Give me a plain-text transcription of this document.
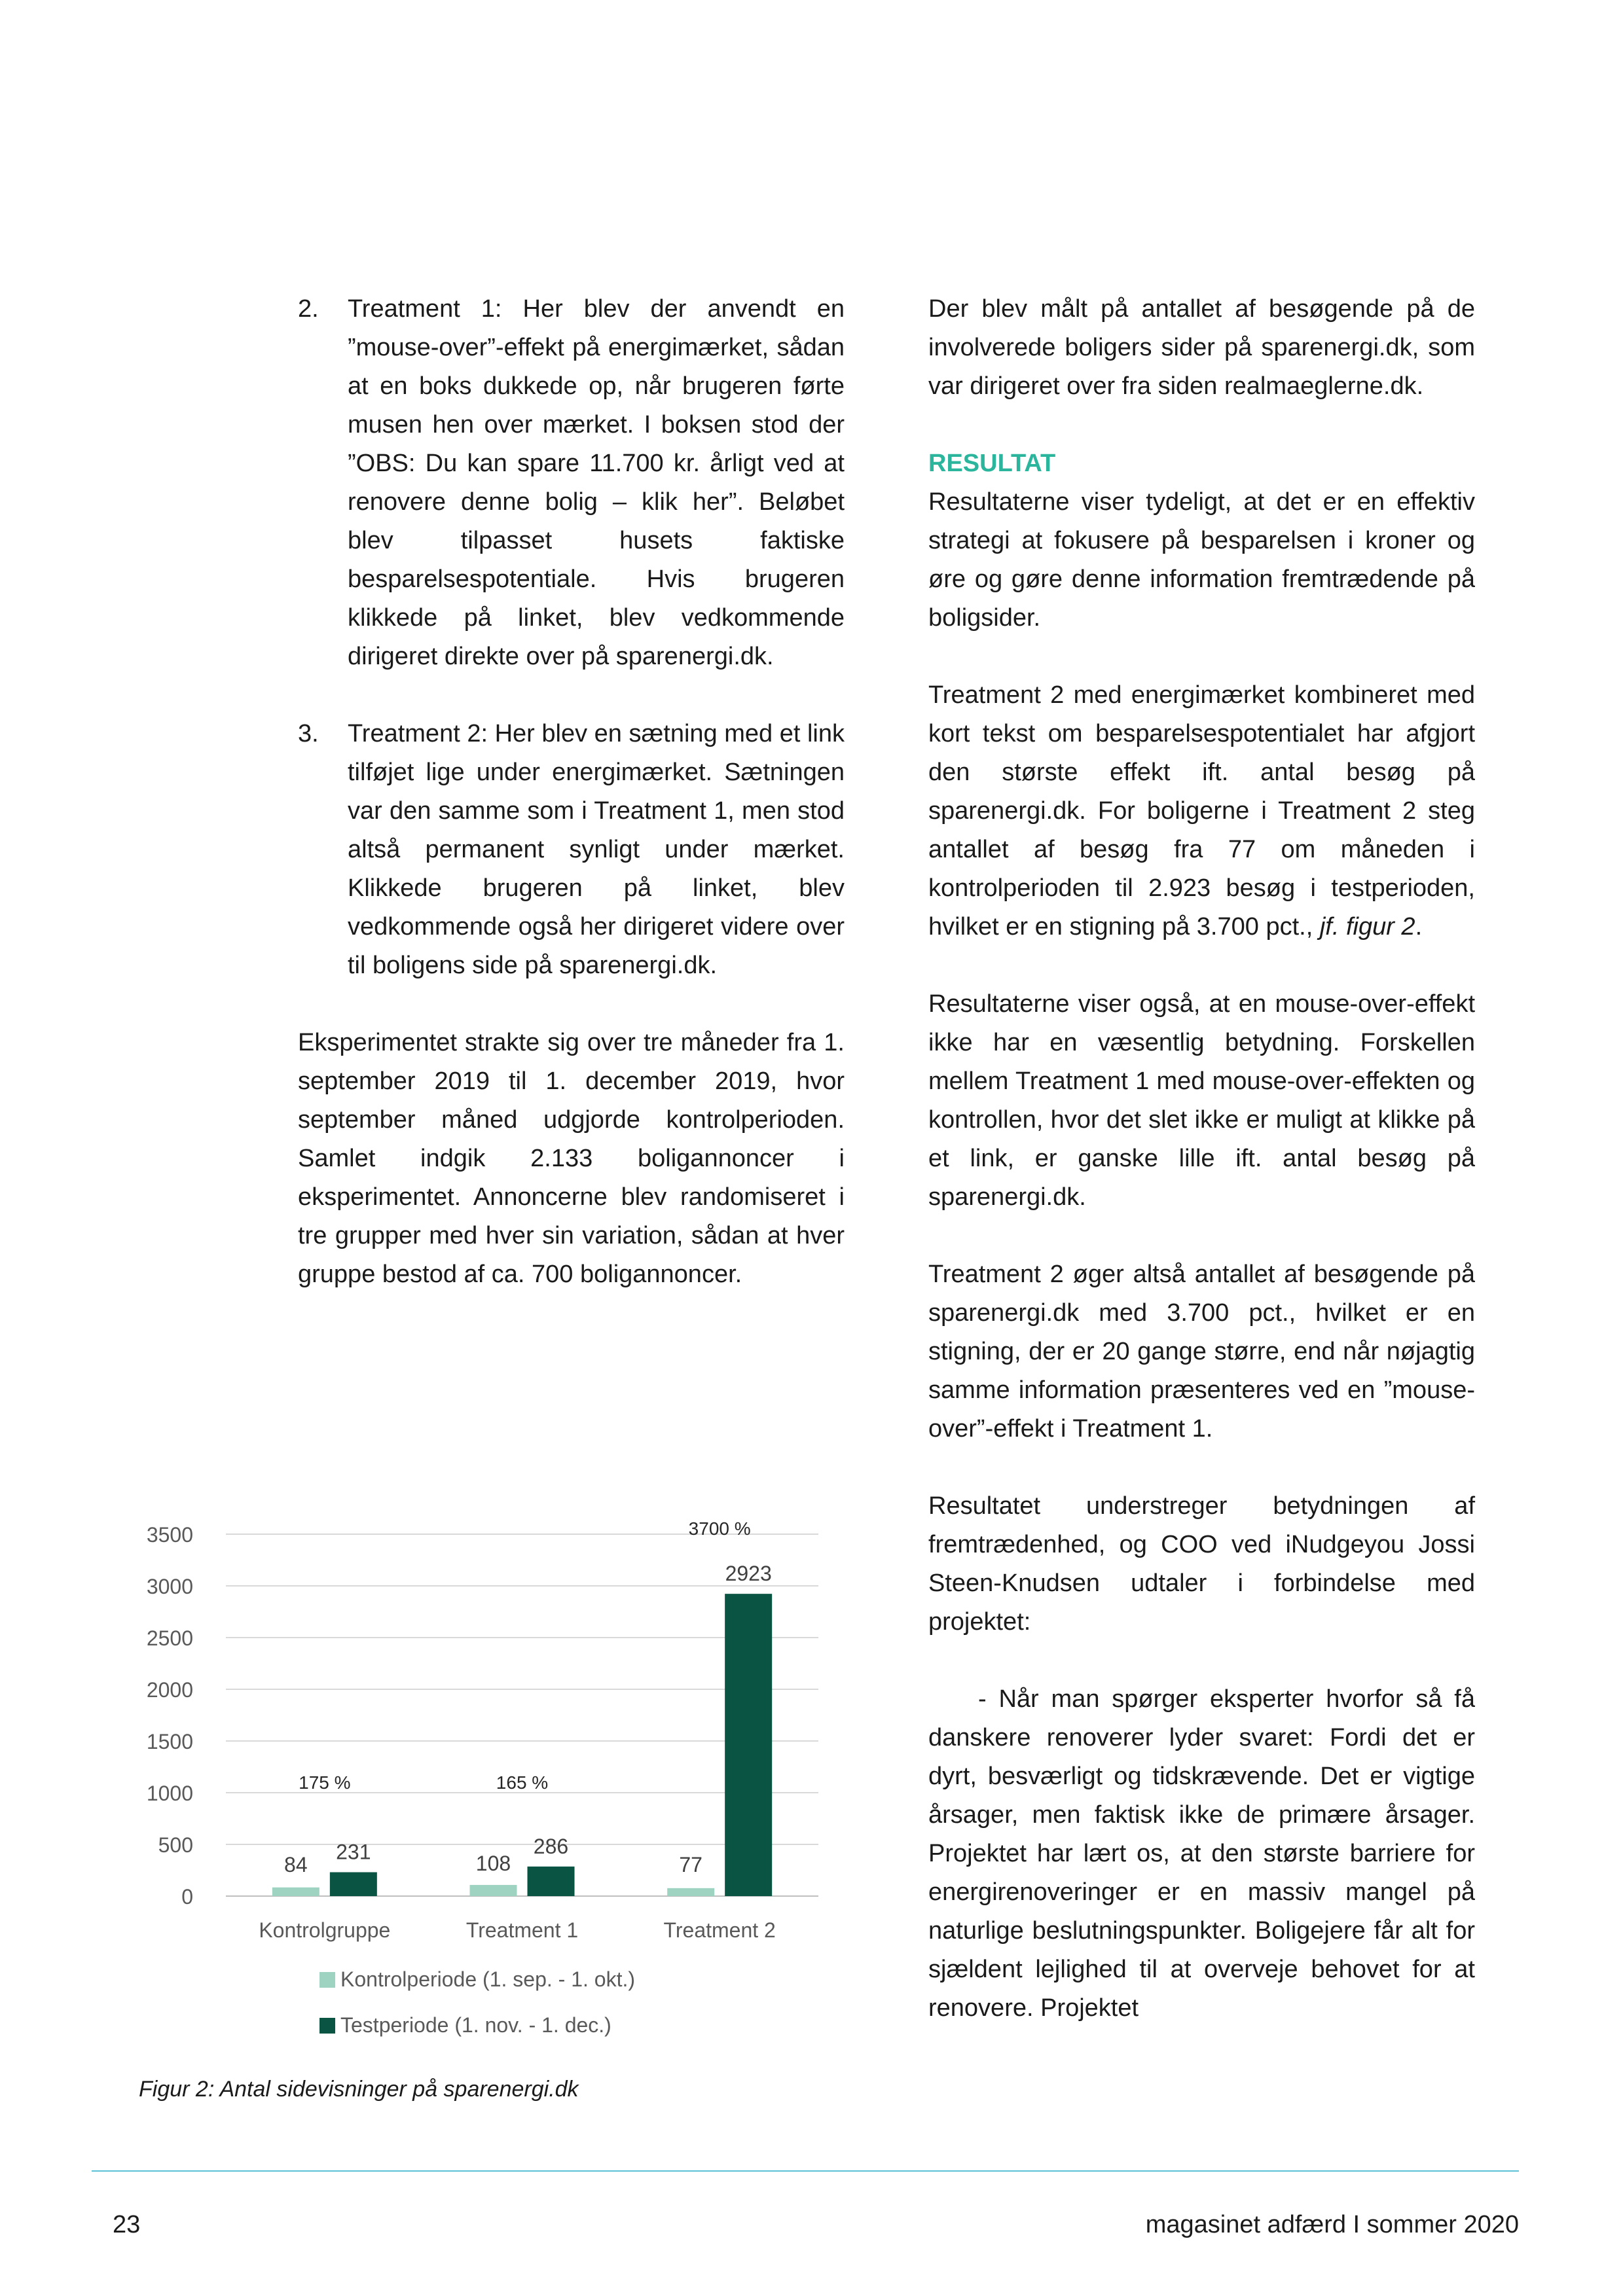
2. Treatment 1: Her blev der anvendt en ”mouse-over”-effekt på energimærket, sådan at en boks dukkede op, når brugeren førte musen hen over mærket. I boksen stod der ”OBS: Du kan spare 11.700 kr. årligt ved at renovere denne bolig – klik her”. Beløbet blev tilpasset husets faktiske besparelsespotentiale. Hvis brugeren klikkede på linket, blev vedkommende dirigeret direkte over på sparenergi.dk.
3. Treatment 2: Her blev en sætning med et link tilføjet lige under energimærket. Sætningen var den samme som i Treatment 1, men stod altså permanent synligt under mærket. Klikkede brugeren på linket, blev vedkommende også her dirigeret videre over til boligens side på sparenergi.dk.

Eksperimentet strakte sig over tre måneder fra 1. september 2019 til 1. december 2019, hvor september måned udgjorde kontrolperioden. Samlet indgik 2.133 boligannoncer i eksperimentet. Annoncerne blev randomiseret i tre grupper med hver sin variation, sådan at hver gruppe bestod af ca. 700 boligannoncer.

Der blev målt på antallet af besøgende på de involverede boligers sider på sparenergi.dk, som var dirigeret over fra siden realmaeglerne.dk.

RESULTAT

Resultaterne viser tydeligt, at det er en effektiv strategi at fokusere på besparelsen i kroner og øre og gøre denne information fremtrædende på boligsider.

Treatment 2 med energimærket kombineret med kort tekst om besparelsespotentialet har afgjort den største effekt ift. antal besøg på sparenergi.dk. For boligerne i Treatment 2 steg antallet af besøg fra 77 om måneden i kontrolperioden til 2.923 besøg i testperioden, hvilket er en stigning på 3.700 pct., jf. figur 2.

Resultaterne viser også, at en mouse-over-effekt ikke har en væsentlig betydning. Forskellen mellem Treatment 1 med mouse-over-effekten og kontrollen, hvor det slet ikke er muligt at klikke på et link, er ganske lille ift. antal besøg på sparenergi.dk.

Treatment 2 øger altså antallet af besøgende på sparenergi.dk med 3.700 pct., hvilket er en stigning, der er 20 gange større, end når nøjagtig samme information præsenteres ved en ”mouse-over”-effekt i Treatment 1.

Resultatet understreger betydningen af fremtrædenhed, og COO ved iNudgeyou Jossi Steen-Knudsen udtaler i forbindelse med projektet:

- Når man spørger eksperter hvorfor så få danskere renoverer lyder svaret: Fordi det er dyrt, besværligt og tidskrævende. Det er vigtige årsager, men faktisk ikke de primære årsager. Projektet har lært os, at den største barriere for energirenoveringer er en massiv mangel på naturlige beslutningspunkter. Boligejere får alt for sjældent lejlighed til at overveje behovet for at renovere. Projektet

0
500
1000
1500
2000
2500
3000
3500
Kontrolgruppe
84
231
175 %
Treatment 1
108
286
165 %
Treatment 2
77
2923
3700 %
Kontrolperiode (1. sep. - 1. okt.)
Testperiode (1. nov. - 1. dec.)

Figur 2: Antal sidevisninger på sparenergi.dk

23	magasinet adfærd I sommer 2020
